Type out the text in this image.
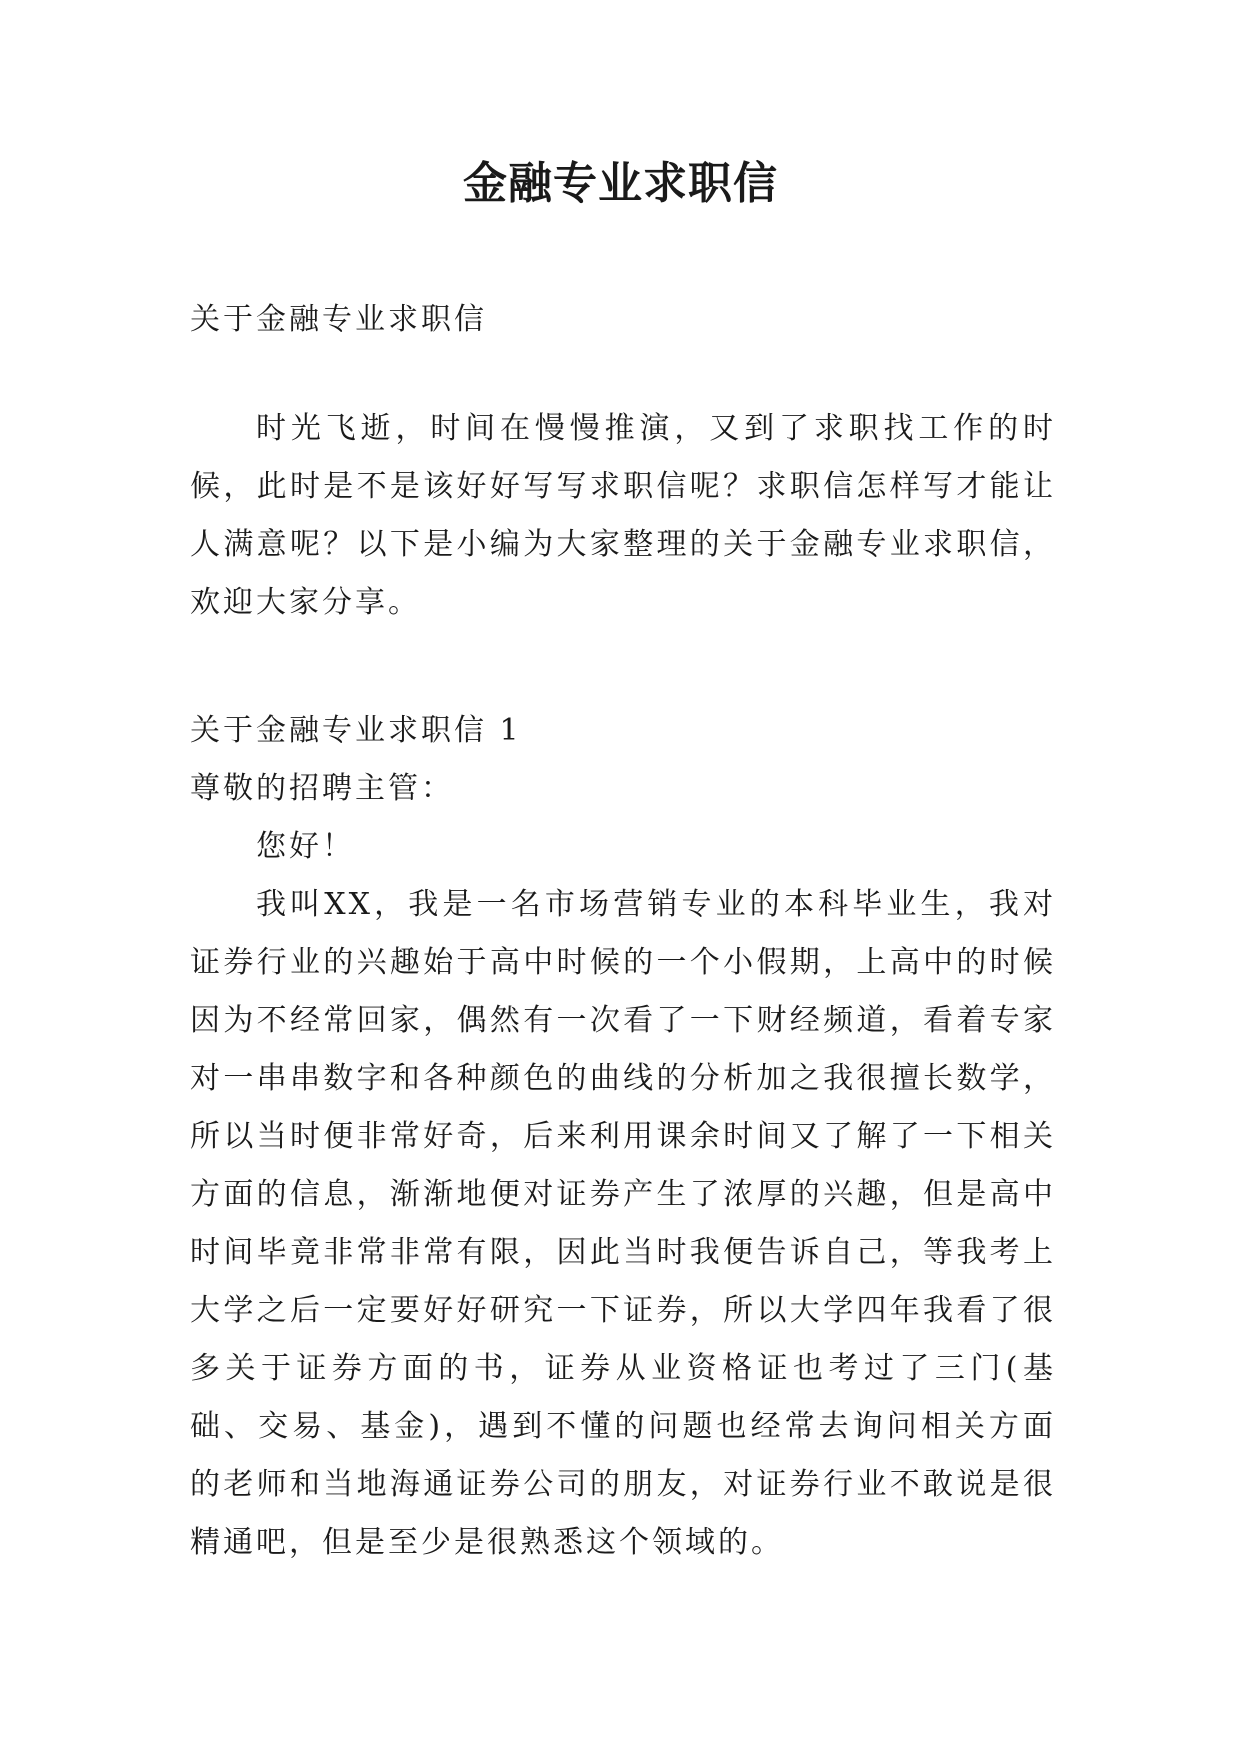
金融专业求职信

关于金融专业求职信

时光飞逝，时间在慢慢推演，又到了求职找工作的时候，此时是不是该好好写写求职信呢？求职信怎样写才能让人满意呢？以下是小编为大家整理的关于金融专业求职信，欢迎大家分享。

关于金融专业求职信 1

尊敬的招聘主管：

您好！

我叫XX，我是一名市场营销专业的本科毕业生，我对证券行业的兴趣始于高中时候的一个小假期，上高中的时候因为不经常回家，偶然有一次看了一下财经频道，看着专家对一串串数字和各种颜色的曲线的分析加之我很擅长数学，所以当时便非常好奇，后来利用课余时间又了解了一下相关方面的信息，渐渐地便对证券产生了浓厚的兴趣，但是高中时间毕竟非常非常有限，因此当时我便告诉自己，等我考上大学之后一定要好好研究一下证券，所以大学四年我看了很多关于证券方面的书，证券从业资格证也考过了三门(基础、交易、基金)，遇到不懂的问题也经常去询问相关方面的老师和当地海通证券公司的朋友，对证券行业不敢说是很精通吧，但是至少是很熟悉这个领域的。
